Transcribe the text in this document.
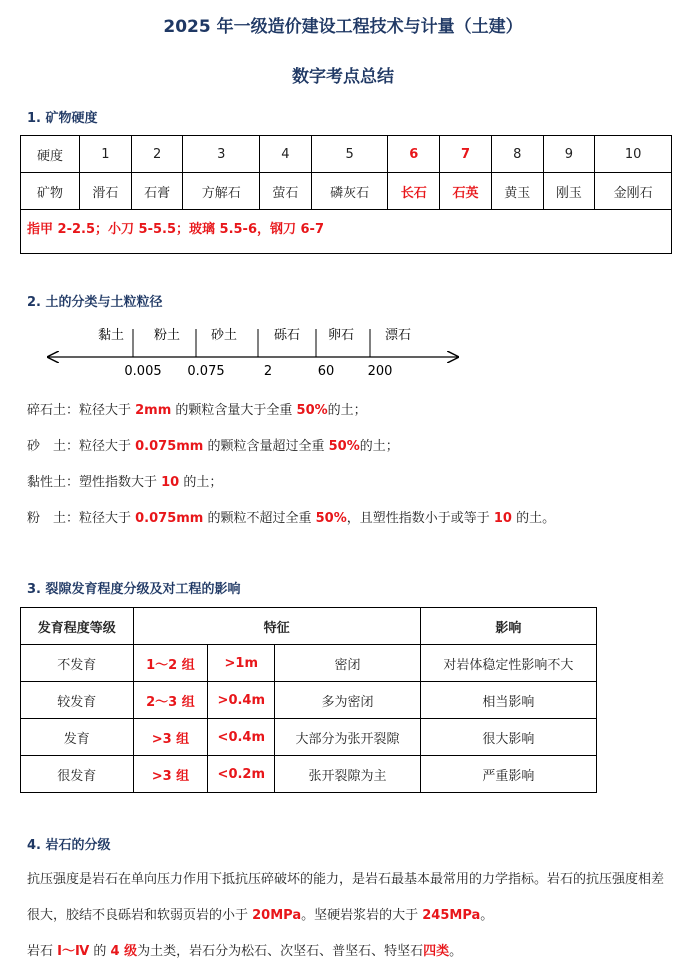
2025 年一级造价建设工程技术与计量（土建）
数字考点总结
1. 矿物硬度
硬度	1	2	3	4	5	6	7	8	9	10
矿物	滑石	石膏	方解石	萤石	磷灰石	长石	石英	黄玉	刚玉	金刚石
指甲 2-2.5；小刀 5-5.5；玻璃 5.5-6，钢刀 6-7										
2. 土的分类与土粒粒径
0.005 0.075	2	60	200
黏土 粉土 砂土	砾石 卵石 漂石
碎石土：粒径大于 2mm 的颗粒含量大于全重 50%的土；
砂　土：粒径大于 0.075mm 的颗粒含量超过全重 50%的土；
黏性土：塑性指数大于 10 的土；
粉　土：粒径大于 0.075mm 的颗粒不超过全重 50%，且塑性指数小于或等于 10 的土。
3. 裂隙发育程度分级及对工程的影响
发育程度等级	特征			影响
不发育	1～2 组	>1m	密闭	对岩体稳定性影响不大
较发育	2～3 组	>0.4m	多为密闭	相当影响
发育	>3 组	<0.4m	大部分为张开裂隙	很大影响
很发育	>3 组	<0.2m	张开裂隙为主	严重影响
4. 岩石的分级
抗压强度是岩石在单向压力作用下抵抗压碎破坏的能力，是岩石最基本最常用的力学指标。岩石的抗压强度相差很大，胶结不良砾岩和软弱页岩的小于 20MPa。坚硬岩浆岩的大于 245MPa。
岩石 Ⅰ～Ⅳ 的 4 级为土类，岩石分为松石、次坚石、普坚石、特坚石四类。
